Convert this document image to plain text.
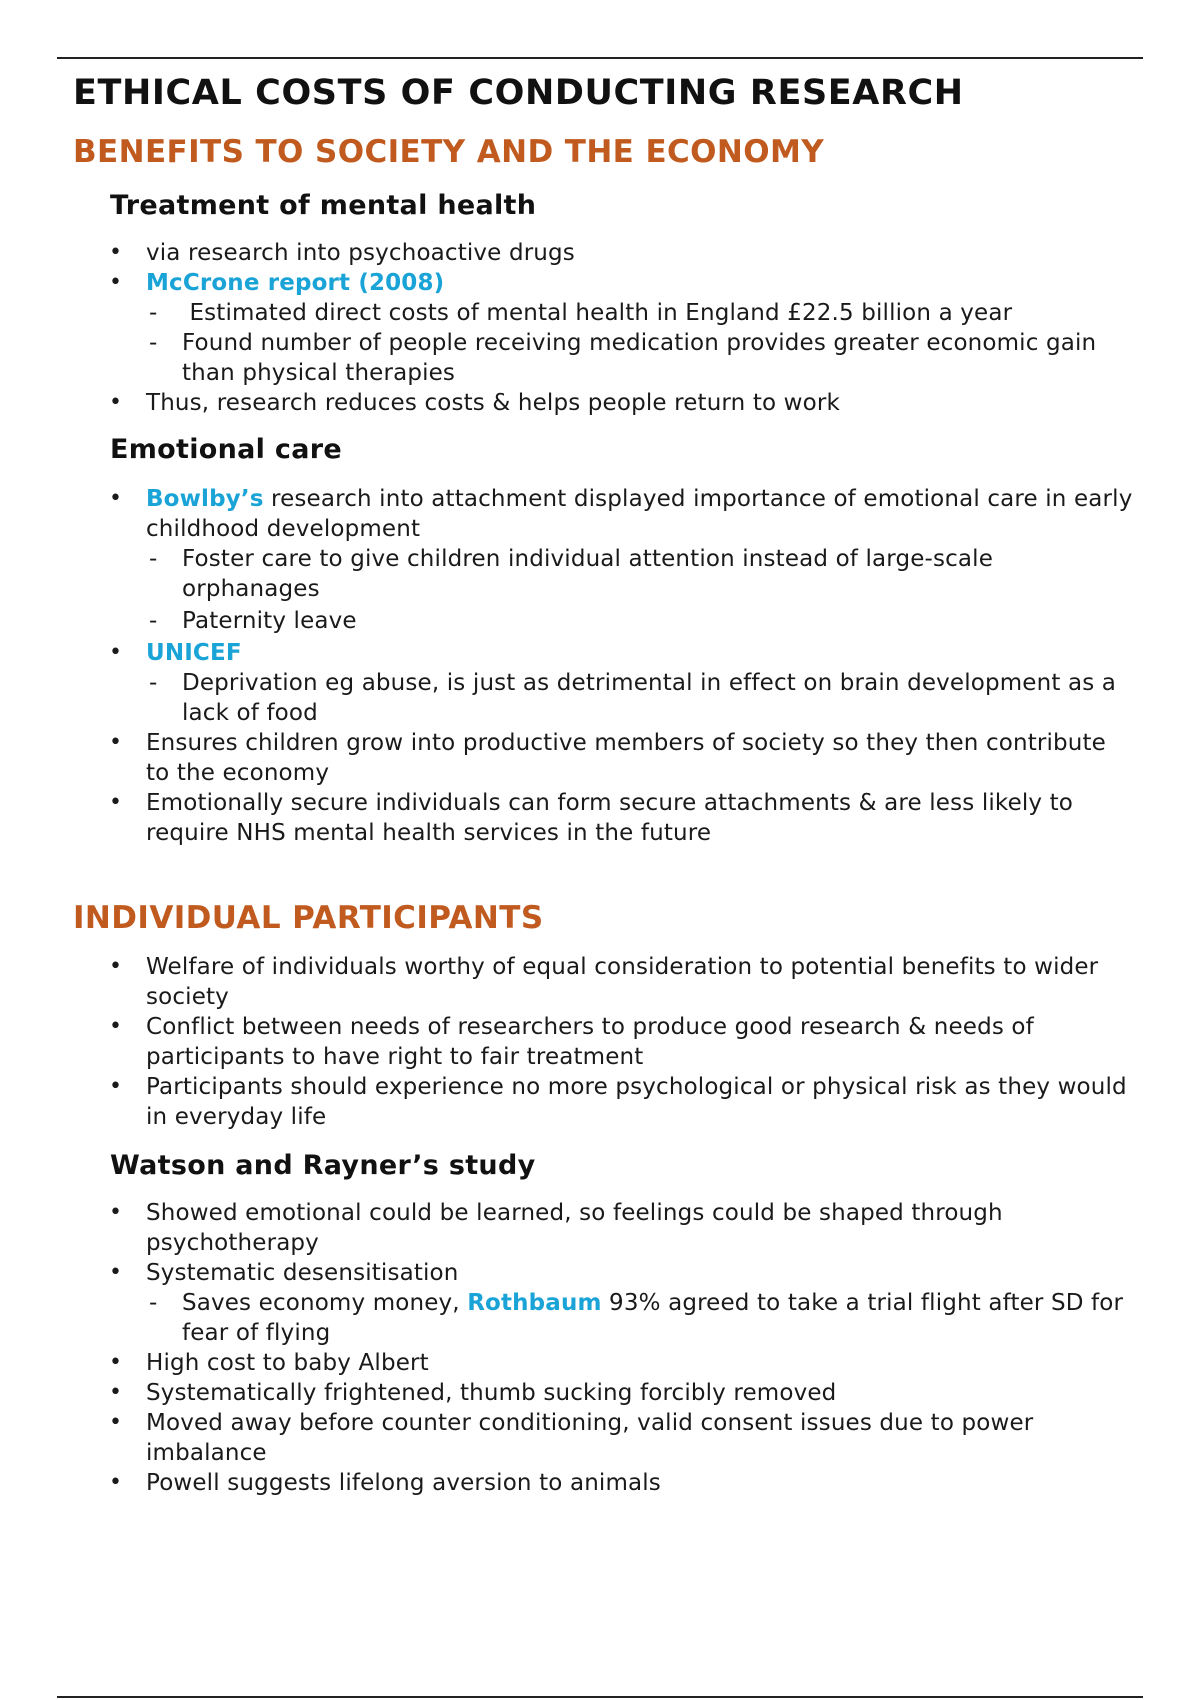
ETHICAL COSTS OF CONDUCTING RESEARCH
BENEFITS TO SOCIETY AND THE ECONOMY
Treatment of mental health
• via research into psychoactive drugs
• McCrone report (2008)
-  Estimated direct costs of mental health in England £22.5 billion a year
- Found number of people receiving medication provides greater economic gain than physical therapies
• Thus, research reduces costs & helps people return to work
Emotional care
• Bowlby’s research into attachment displayed importance of emotional care in early childhood development
- Foster care to give children individual attention instead of large-scale orphanages
- Paternity leave
• UNICEF
- Deprivation eg abuse, is just as detrimental in effect on brain development as a lack of food
• Ensures children grow into productive members of society so they then contribute to the economy
• Emotionally secure individuals can form secure attachments & are less likely to require NHS mental health services in the future
INDIVIDUAL PARTICIPANTS
• Welfare of individuals worthy of equal consideration to potential benefits to wider society
• Conflict between needs of researchers to produce good research & needs of participants to have right to fair treatment
• Participants should experience no more psychological or physical risk as they would in everyday life
Watson and Rayner’s study
• Showed emotional could be learned, so feelings could be shaped through psychotherapy
• Systematic desensitisation
- Saves economy money, Rothbaum 93% agreed to take a trial flight after SD for fear of flying
• High cost to baby Albert
• Systematically frightened, thumb sucking forcibly removed
• Moved away before counter conditioning, valid consent issues due to power imbalance
• Powell suggests lifelong aversion to animals
